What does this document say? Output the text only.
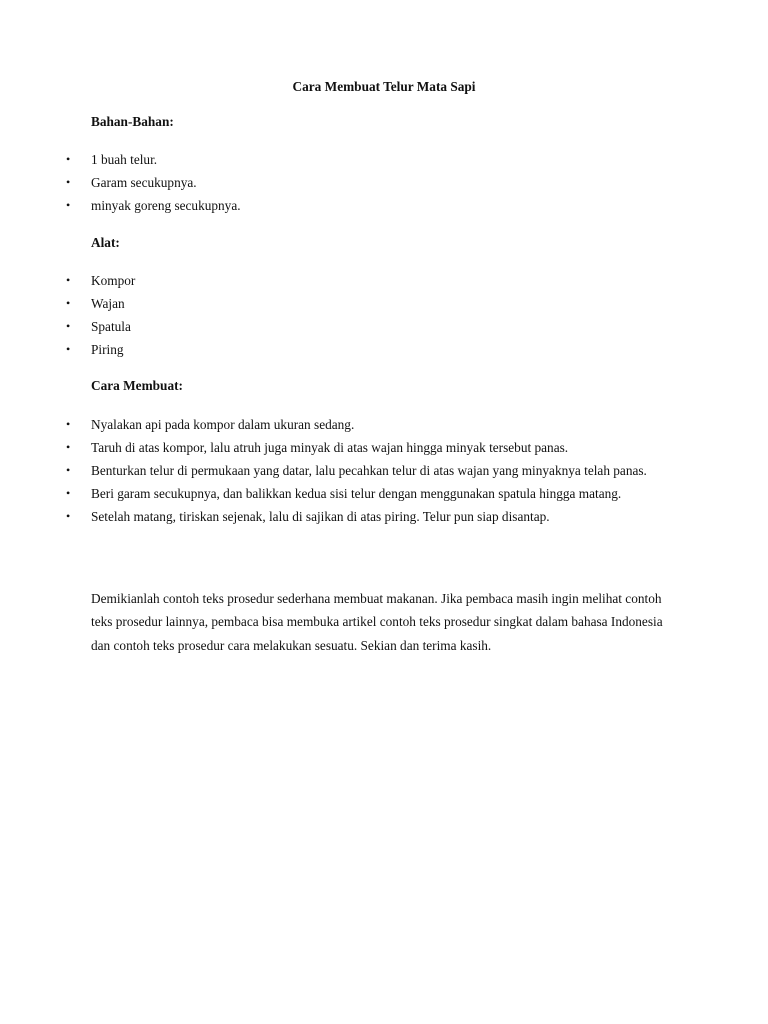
Cara Membuat Telur Mata Sapi
Bahan-Bahan:
• 1 buah telur.
• Garam secukupnya.
• minyak goreng secukupnya.
Alat:
• Kompor
• Wajan
• Spatula
• Piring
Cara Membuat:
• Nyalakan api pada kompor dalam ukuran sedang.
• Taruh di atas kompor, lalu atruh juga minyak di atas wajan hingga minyak tersebut panas.
• Benturkan telur di permukaan yang datar, lalu pecahkan telur di atas wajan yang minyaknya telah panas.
• Beri garam secukupnya, dan balikkan kedua sisi telur dengan menggunakan spatula hingga matang.
• Setelah matang, tiriskan sejenak, lalu di sajikan di atas piring. Telur pun siap disantap.

Demikianlah contoh teks prosedur sederhana membuat makanan. Jika pembaca masih ingin melihat contoh teks prosedur lainnya, pembaca bisa membuka artikel contoh teks prosedur singkat dalam bahasa Indonesia dan contoh teks prosedur cara melakukan sesuatu. Sekian dan terima kasih.
